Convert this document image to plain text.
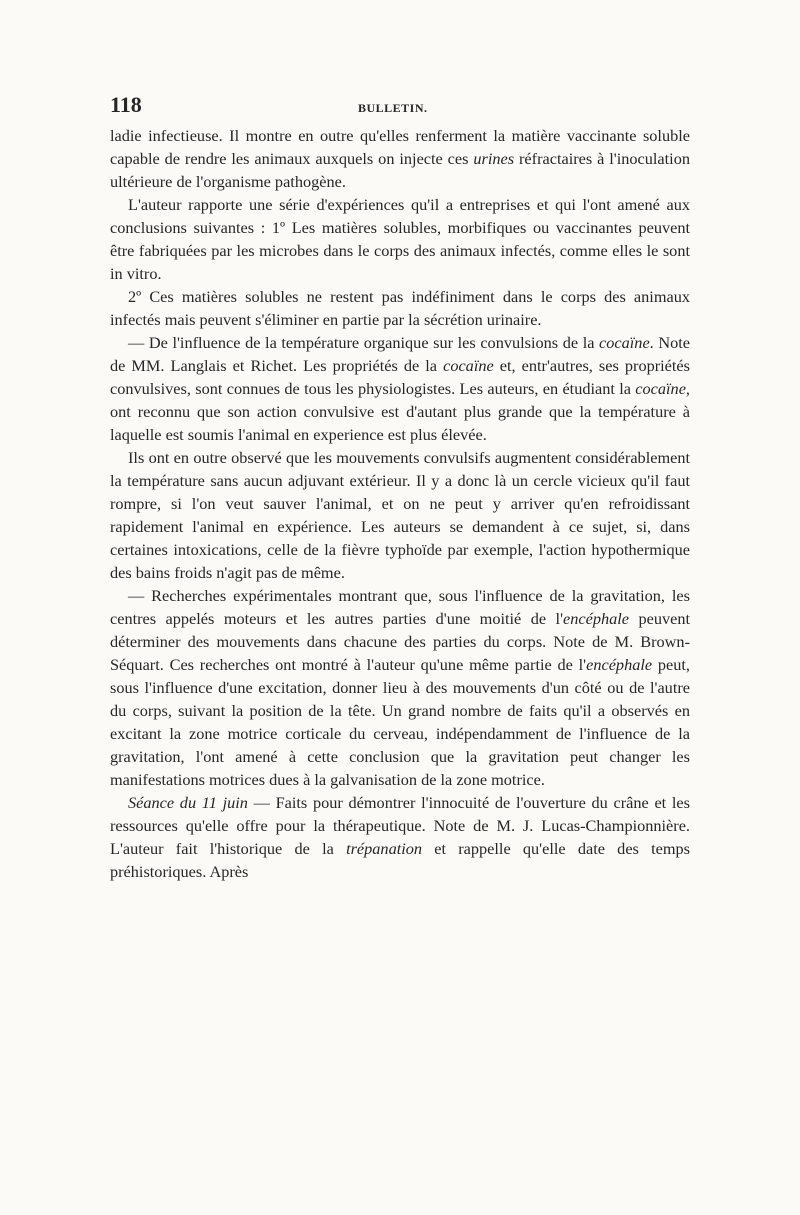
118	BULLETIN.

ladie infectieuse. Il montre en outre qu'elles renferment la matière vaccinante soluble capable de rendre les animaux auxquels on injecte ces urines réfractaires à l'inoculation ultérieure de l'organisme pathogène.

L'auteur rapporte une série d'expériences qu'il a entreprises et qui l'ont amené aux conclusions suivantes : 1º Les matières solubles, morbifiques ou vaccinantes peuvent être fabriquées par les microbes dans le corps des animaux infectés, comme elles le sont in vitro.

2º Ces matières solubles ne restent pas indéfiniment dans le corps des animaux infectés mais peuvent s'éliminer en partie par la sécrétion urinaire.

— De l'influence de la température organique sur les convulsions de la cocaïne. Note de MM. Langlais et Richet. Les propriétés de la cocaïne et, entr'autres, ses propriétés convulsives, sont connues de tous les physiologistes. Les auteurs, en étudiant la cocaïne, ont reconnu que son action convulsive est d'autant plus grande que la température à laquelle est soumis l'animal en experience est plus élevée.

Ils ont en outre observé que les mouvements convulsifs augmentent considérablement la température sans aucun adjuvant extérieur. Il y a donc là un cercle vicieux qu'il faut rompre, si l'on veut sauver l'animal, et on ne peut y arriver qu'en refroidissant rapidement l'animal en expérience. Les auteurs se demandent à ce sujet, si, dans certaines intoxications, celle de la fièvre typhoïde par exemple, l'action hypothermique des bains froids n'agit pas de même.

— Recherches expérimentales montrant que, sous l'influence de la gravitation, les centres appelés moteurs et les autres parties d'une moitié de l'encéphale peuvent déterminer des mouvements dans chacune des parties du corps. Note de M. Brown-Séquart. Ces recherches ont montré à l'auteur qu'une même partie de l'encéphale peut, sous l'influence d'une excitation, donner lieu à des mouvements d'un côté ou de l'autre du corps, suivant la position de la tête. Un grand nombre de faits qu'il a observés en excitant la zone motrice corticale du cerveau, indépendamment de l'influence de la gravitation, l'ont amené à cette conclusion que la gravitation peut changer les manifestations motrices dues à la galvanisation de la zone motrice.

Séance du 11 juin — Faits pour démontrer l'innocuité de l'ouverture du crâne et les ressources qu'elle offre pour la thérapeutique. Note de M. J. Lucas-Championnière. L'auteur fait l'historique de la trépanation et rappelle qu'elle date des temps préhistoriques. Après
